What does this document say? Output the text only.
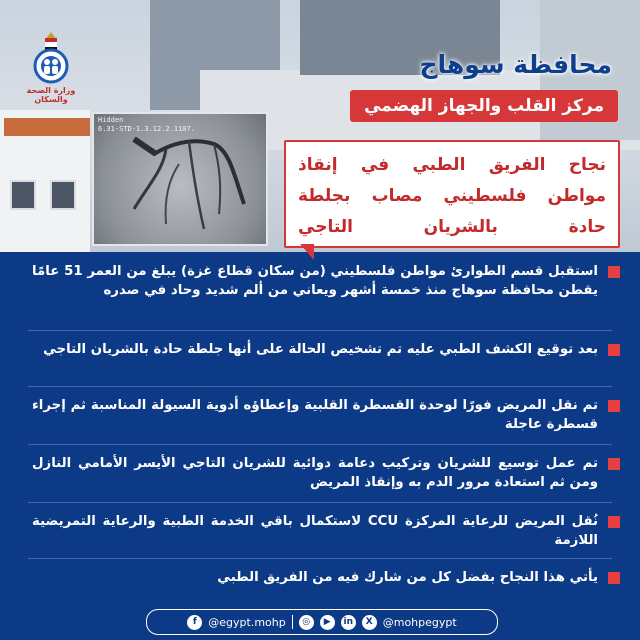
Hidden
6.31-STD-1.3.12.2.1107.
وزارة الصحة والسكان
محافظة سوهاج
مركز القلب والجهاز الهضمي
نجاح الفريق الطبي في إنقاذ
مواطن فلسطيني مصاب بجلطة
حادة بالشريان التاجي
استقبل قسم الطوارئ مواطن فلسطيني (من سكان قطاع غزة) يبلغ من العمر 51 عامًا يقطن محافظة سوهاج منذ خمسة أشهر ويعاني من ألم شديد وحاد في صدره
بعد توقيع الكشف الطبي عليه تم تشخيص الحالة على أنها جلطة حادة بالشريان التاجي
تم نقل المريض فورًا لوحدة القسطرة القلبية وإعطاؤه أدوية السيولة المناسبة ثم إجراء قسطرة عاجلة
تم عمل توسيع للشريان وتركيب دعامة دوائية للشريان التاجي الأيسر الأمامي النازل ومن ثم استعادة مرور الدم به وإنقاذ المريض
نُقل المريض للرعاية المركزة CCU لاستكمال باقي الخدمة الطبية والرعاية التمريضية اللازمة
يأتي هذا النجاح بفضل كل من شارك فيه من الفريق الطبي
f	@egypt.mohp	◎	▶	in	X @mohpegypt
